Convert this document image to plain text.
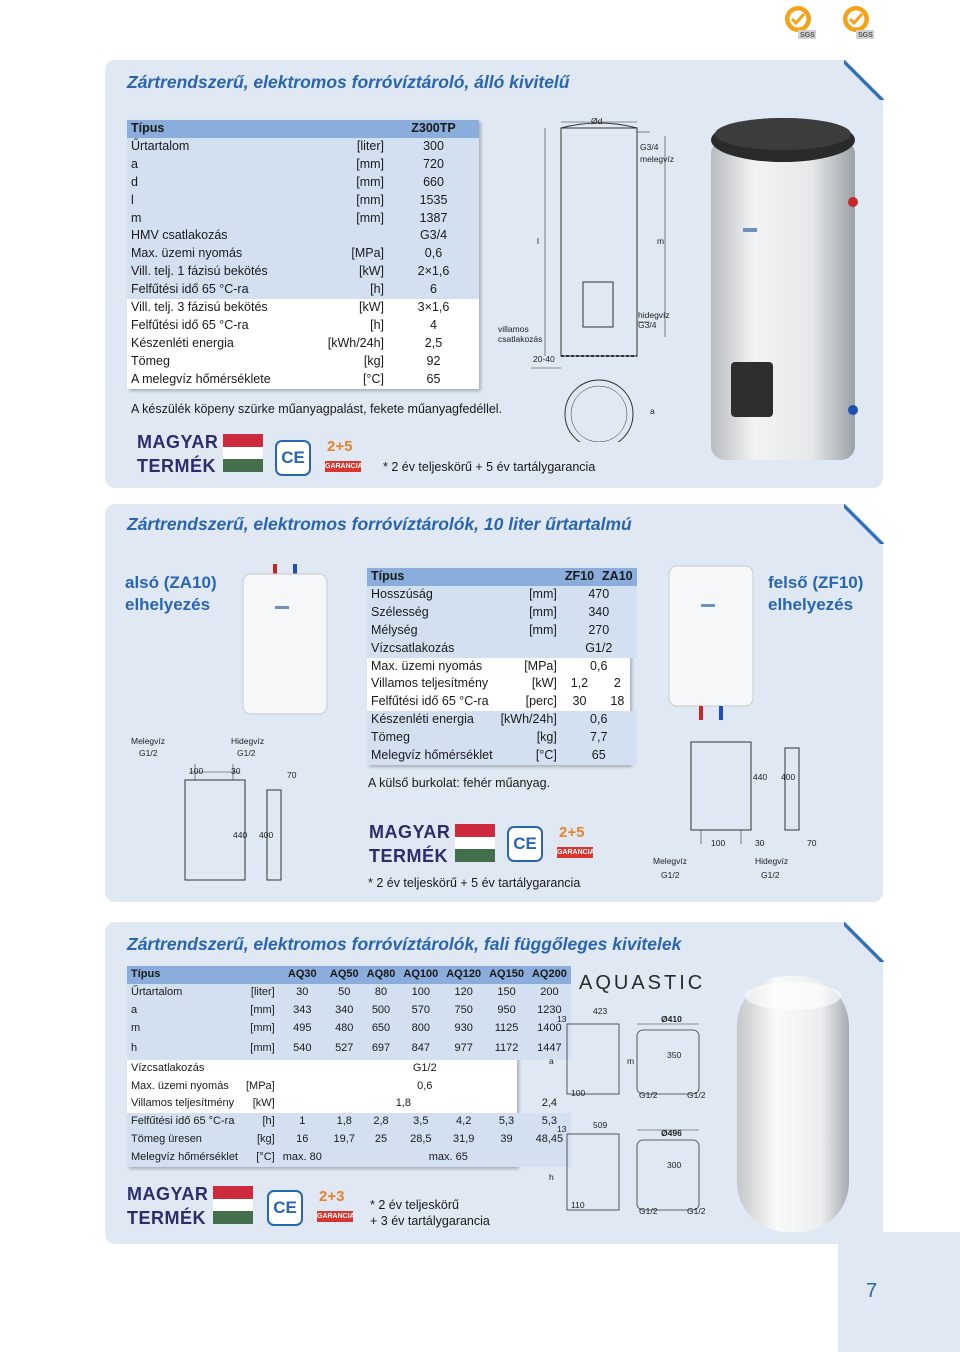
SGS	SGS
Zártrendszerű, elektromos forróvíztároló, álló kivitelű
Típus		Z300TP
Űrtartalom	[liter]	300
a	[mm]	720
d	[mm]	660
l	[mm]	1535
m	[mm]	1387
HMV csatlakozás		G3/4
Max. üzemi nyomás	[MPa]	0,6
Vill. telj. 1 fázisú bekötés	[kW]	2×1,6
Felfűtési idő 65 °C-ra	[h]	6
Vill. telj. 3 fázisú bekötés	[kW]	3×1,6
Felfűtési idő 65 °C-ra	[h]	4
Készenléti energia	[kWh/24h]	2,5
Tömeg	[kg]	92
A melegvíz hőmérséklete	[°C]	65
A készülék köpeny szürke műanyagpalást, fekete műanyagfedéllel.
MAGYAR
TERMÉK	CE
2+5
GARANCIA * 2 év teljeskörű + 5 év tartálygarancia
Ød
G3/4
melegvíz
l	m
villamos
csatlakozás
hidegvíz
G3/4
20-40
a
Zártrendszerű, elektromos forróvíztárolók, 10 liter űrtartalmú
alsó (ZA10)
elhelyezés
felső (ZF10)
elhelyezés
Melegvíz
G1/2
Hidegvíz
G1/2
100	30	70
440 400
Típus		ZF10	ZA10
Hosszúság	[mm]	470	
Szélesség	[mm]	340	
Mélység	[mm]	270	
Vízcsatlakozás		G1/2	
Max. üzemi nyomás	[MPa]	0,6	
Villamos teljesítmény	[kW]	1,2	2
Felfűtési idő 65 °C-ra	[perc]	30	18
Készenléti energia	[kWh/24h]	0,6	
Tömeg	[kg]	7,7	
Melegvíz hőmérséklet	[°C]	65	
A külső burkolat: fehér műanyag.
MAGYAR
TERMÉK
CE
2+5
GARANCIA
* 2 év teljeskörű + 5 év tartálygarancia
440 400
100	30	70
Melegvíz
G1/2
Hidegvíz
G1/2
Zártrendszerű, elektromos forróvíztárolók, fali függőleges kivitelek
Típus		AQ30	AQ50	AQ80	AQ100	AQ120	AQ150	AQ200
Űrtartalom	[liter]	30	50	80	100	120	150	200
a	[mm]	343	340	500	570	750	950	1230
m	[mm]	495	480	650	800	930	1125	1400
h	[mm]	540	527	697	847	977	1172	1447
Vízcsatlakozás		G1/2						
Max. üzemi nyomás	[MPa]	0,6						
Villamos teljesítmény	[kW]	1,8						2,4
Felfűtési idő 65 °C-ra	[h]	1	1,8	2,8	3,5	4,2	5,3	5,3
Tömeg üresen	[kg]	16	19,7	25	28,5	31,9	39	48,45
Melegvíz hőmérséklet	[°C]	max. 80	max. 65					
MAGYAR
TERMÉK
CE
2+3
GARANCIA
* 2 év teljeskörű
+ 3 év tartálygarancia
AQUASTIC
13
423
Ø410
a	m
350
100	G1/2	G1/2
13	509
Ø496
h
300
110
G1/2	G1/2
7
